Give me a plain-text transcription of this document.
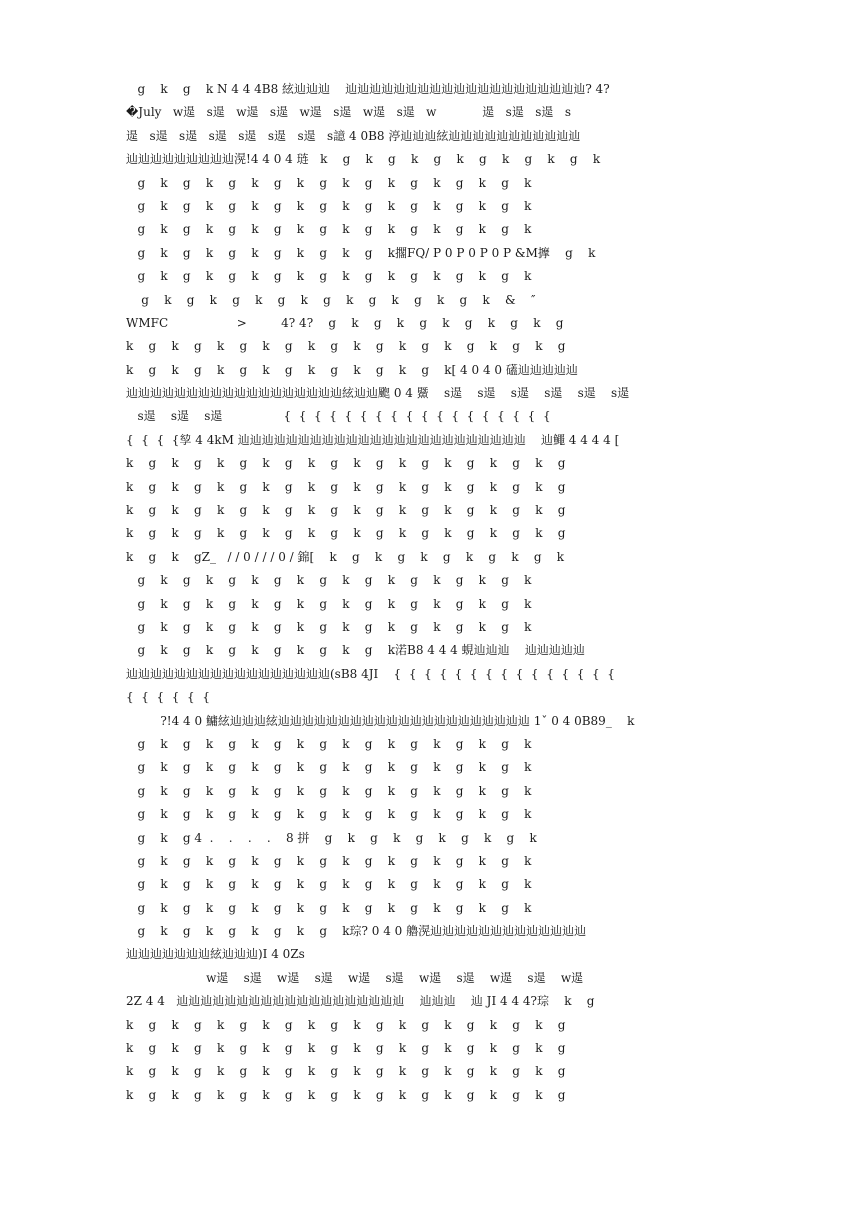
g    k    g    k N 4 4 4B8 絃辿辿辿    辿辿辿辿辿辿辿辿辿辿辿辿辿辿辿辿辿辿辿辿? 4?
�July   w遈   s遈   w遈   s遈   w遈   s遈   w遈   s遈   w            遈   s遈   s遈   s
遈   s遈   s遈   s遈   s遈   s遈   s遈   s譩 4 0B8 渟辿辿辿絃辿辿辿辿辿辿辿辿辿辿辿
辿辿辿辿辿辿辿辿辿滉!4 4 0 4 琏   k    g    k    g    k    g    k    g    k    g    k    g    k
g    k    g    k    g    k    g    k    g    k    g    k    g    k    g    k    g    k
g    k    g    k    g    k    g    k    g    k    g    k    g    k    g    k    g    k
g    k    g    k    g    k    g    k    g    k    g    k    g    k    g    k    g    k
g    k    g    k    g    k    g    k    g    k    g    k擱FQ/ P 0 P 0 P 0 P &M擵    g    k
g    k    g    k    g    k    g    k    g    k    g    k    g    k    g    k    g    k
g    k    g    k    g    k    g    k    g    k    g    k    g    k    g    k    &    ″
WMFC                  >         4? 4?    g    k    g    k    g    k    g    k    g    k    g
k    g    k    g    k    g    k    g    k    g    k    g    k    g    k    g    k    g    k    g
k    g    k    g    k    g    k    g    k    g    k    g    k    g    k[ 4 0 4 0 礚辿辿辿辿辿
辿辿辿辿辿辿辿辿辿辿辿辿辿辿辿辿辿辿絃辿辿颮 0 4 鱀    s遈    s遈    s遈    s遈    s遈    s遈
s遈    s遈    s遈                {  {  {  {  {  {  {  {  {  {  {  {  {  {  {  {  {  {
{  {  {  {孧 4 4kM 辿辿辿辿辿辿辿辿辿辿辿辿辿辿辿辿辿辿辿辿辿辿辿辿    辿鱦 4 4 4 4 [
k    g    k    g    k    g    k    g    k    g    k    g    k    g    k    g    k    g    k    g
k    g    k    g    k    g    k    g    k    g    k    g    k    g    k    g    k    g    k    g
k    g    k    g    k    g    k    g    k    g    k    g    k    g    k    g    k    g    k    g
k    g    k    g    k    g    k    g    k    g    k    g    k    g    k    g    k    g    k    g
k    g    k    gZ_   / / 0 / / / 0 / 錦[    k    g    k    g    k    g    k    g    k    g    k
g    k    g    k    g    k    g    k    g    k    g    k    g    k    g    k    g    k
g    k    g    k    g    k    g    k    g    k    g    k    g    k    g    k    g    k
g    k    g    k    g    k    g    k    g    k    g    k    g    k    g    k    g    k
g    k    g    k    g    k    g    k    g    k    g    k渃B8 4 4 4 蜆辿辿辿    辿辿辿辿辿
辿辿辿辿辿辿辿辿辿辿辿辿辿辿辿辿辿(sB8 4JI    {  {  {  {  {  {  {  {  {  {  {  {  {  {  {
{  {  {  {  {  {
?!4 4 0 鱅絃辿辿辿絃辿辿辿辿辿辿辿辿辿辿辿辿辿辿辿辿辿辿辿辿辿 1ˇ 0 4 0B89_    k
g    k    g    k    g    k    g    k    g    k    g    k    g    k    g    k    g    k
g    k    g    k    g    k    g    k    g    k    g    k    g    k    g    k    g    k
g    k    g    k    g    k    g    k    g    k    g    k    g    k    g    k    g    k
g    k    g    k    g    k    g    k    g    k    g    k    g    k    g    k    g    k
g    k    g 4  .    .    .    .    8 拼    g    k    g    k    g    k    g    k    g    k
g    k    g    k    g    k    g    k    g    k    g    k    g    k    g    k    g    k
g    k    g    k    g    k    g    k    g    k    g    k    g    k    g    k    g    k
g    k    g    k    g    k    g    k    g    k    g    k    g    k    g    k    g    k
g    k    g    k    g    k    g    k    g    k琮? 0 4 0 艪滉辿辿辿辿辿辿辿辿辿辿辿辿辿
辿辿辿辿辿辿辿絃辿辿辿)I 4 0Zs
w遈    s遈    w遈    s遈    w遈    s遈    w遈    s遈    w遈    s遈    w遈
2Z 4 4   辿辿辿辿辿辿辿辿辿辿辿辿辿辿辿辿辿辿辿    辿辿辿    辿 JI 4 4 4?琮    k    g
k    g    k    g    k    g    k    g    k    g    k    g    k    g    k    g    k    g    k    g
k    g    k    g    k    g    k    g    k    g    k    g    k    g    k    g    k    g    k    g
k    g    k    g    k    g    k    g    k    g    k    g    k    g    k    g    k    g    k    g
k    g    k    g    k    g    k    g    k    g    k    g    k    g    k    g    k    g    k    g
